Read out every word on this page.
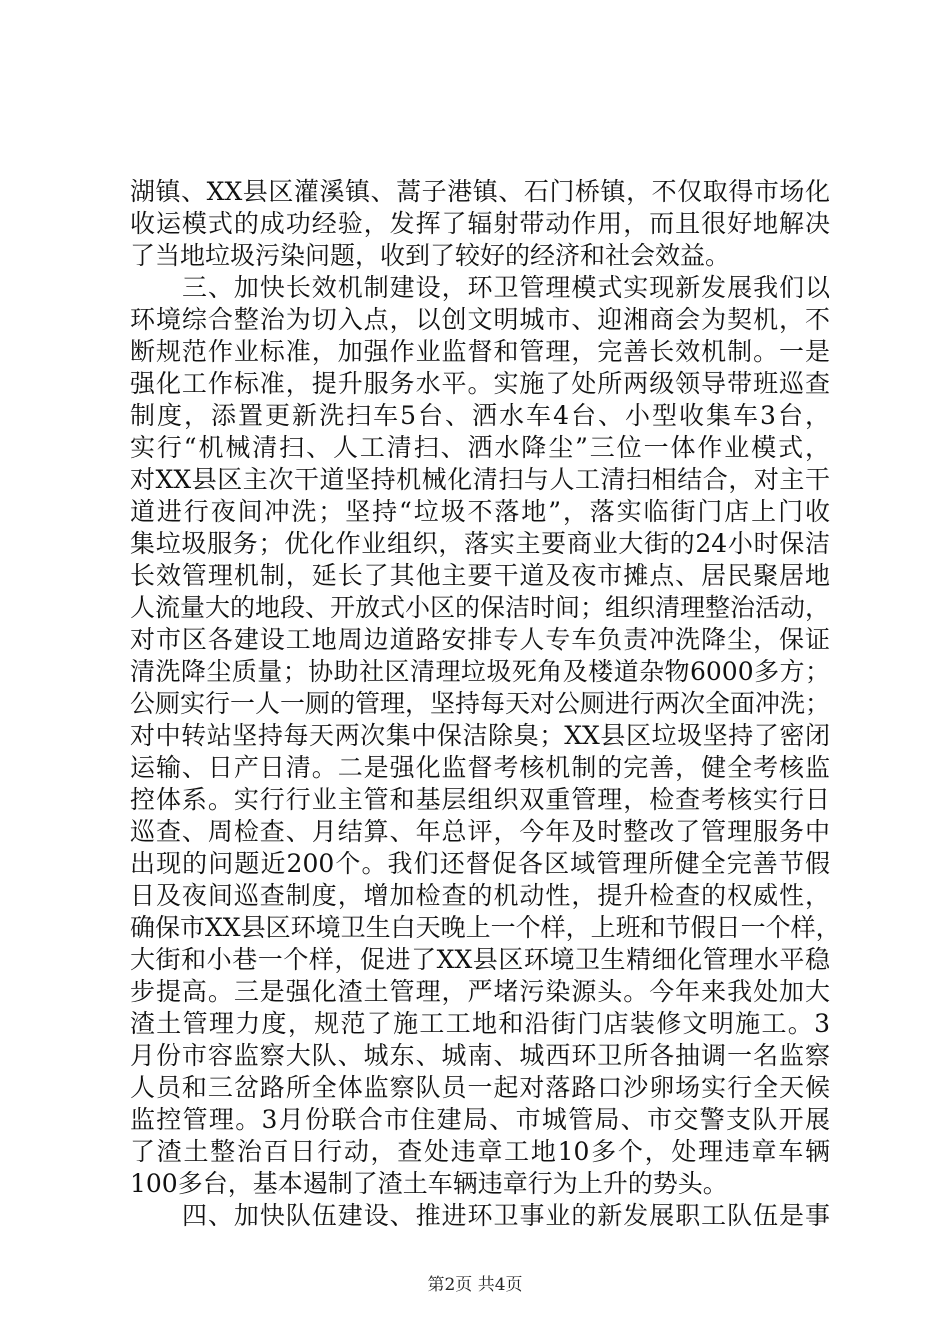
湖镇、XX县区灌溪镇、蒿子港镇、石门桥镇，不仅取得市场化
收运模式的成功经验，发挥了辐射带动作用，而且很好地解决
了当地垃圾污染问题，收到了较好的经济和社会效益。
三、加快长效机制建设，环卫管理模式实现新发展我们以
环境综合整治为切入点，以创文明城市、迎湘商会为契机，不
断规范作业标准，加强作业监督和管理，完善长效机制。一是
强化工作标准，提升服务水平。实施了处所两级领导带班巡查
制度，添置更新洗扫车5台、洒水车4台、小型收集车3台，
实行“机械清扫、人工清扫、洒水降尘”三位一体作业模式，
对XX县区主次干道坚持机械化清扫与人工清扫相结合，对主干
道进行夜间冲洗；坚持“垃圾不落地”，落实临街门店上门收
集垃圾服务；优化作业组织，落实主要商业大街的24小时保洁
长效管理机制，延长了其他主要干道及夜市摊点、居民聚居地
人流量大的地段、开放式小区的保洁时间；组织清理整治活动，
对市区各建设工地周边道路安排专人专车负责冲洗降尘，保证
清洗降尘质量；协助社区清理垃圾死角及楼道杂物6000多方；
公厕实行一人一厕的管理，坚持每天对公厕进行两次全面冲洗；
对中转站坚持每天两次集中保洁除臭；XX县区垃圾坚持了密闭
运输、日产日清。二是强化监督考核机制的完善，健全考核监
控体系。实行行业主管和基层组织双重管理，检查考核实行日
巡查、周检查、月结算、年总评，今年及时整改了管理服务中
出现的问题近200个。我们还督促各区域管理所健全完善节假
日及夜间巡查制度，增加检查的机动性，提升检查的权威性，
确保市XX县区环境卫生白天晚上一个样，上班和节假日一个样，
大街和小巷一个样，促进了XX县区环境卫生精细化管理水平稳
步提高。三是强化渣土管理，严堵污染源头。今年来我处加大
渣土管理力度，规范了施工工地和沿街门店装修文明施工。3
月份市容监察大队、城东、城南、城西环卫所各抽调一名监察
人员和三岔路所全体监察队员一起对落路口沙卵场实行全天候
监控管理。3月份联合市住建局、市城管局、市交警支队开展
了渣土整治百日行动，查处违章工地10多个，处理违章车辆
100多台，基本遏制了渣土车辆违章行为上升的势头。
四、加快队伍建设、推进环卫事业的新发展职工队伍是事
第2页 共4页
